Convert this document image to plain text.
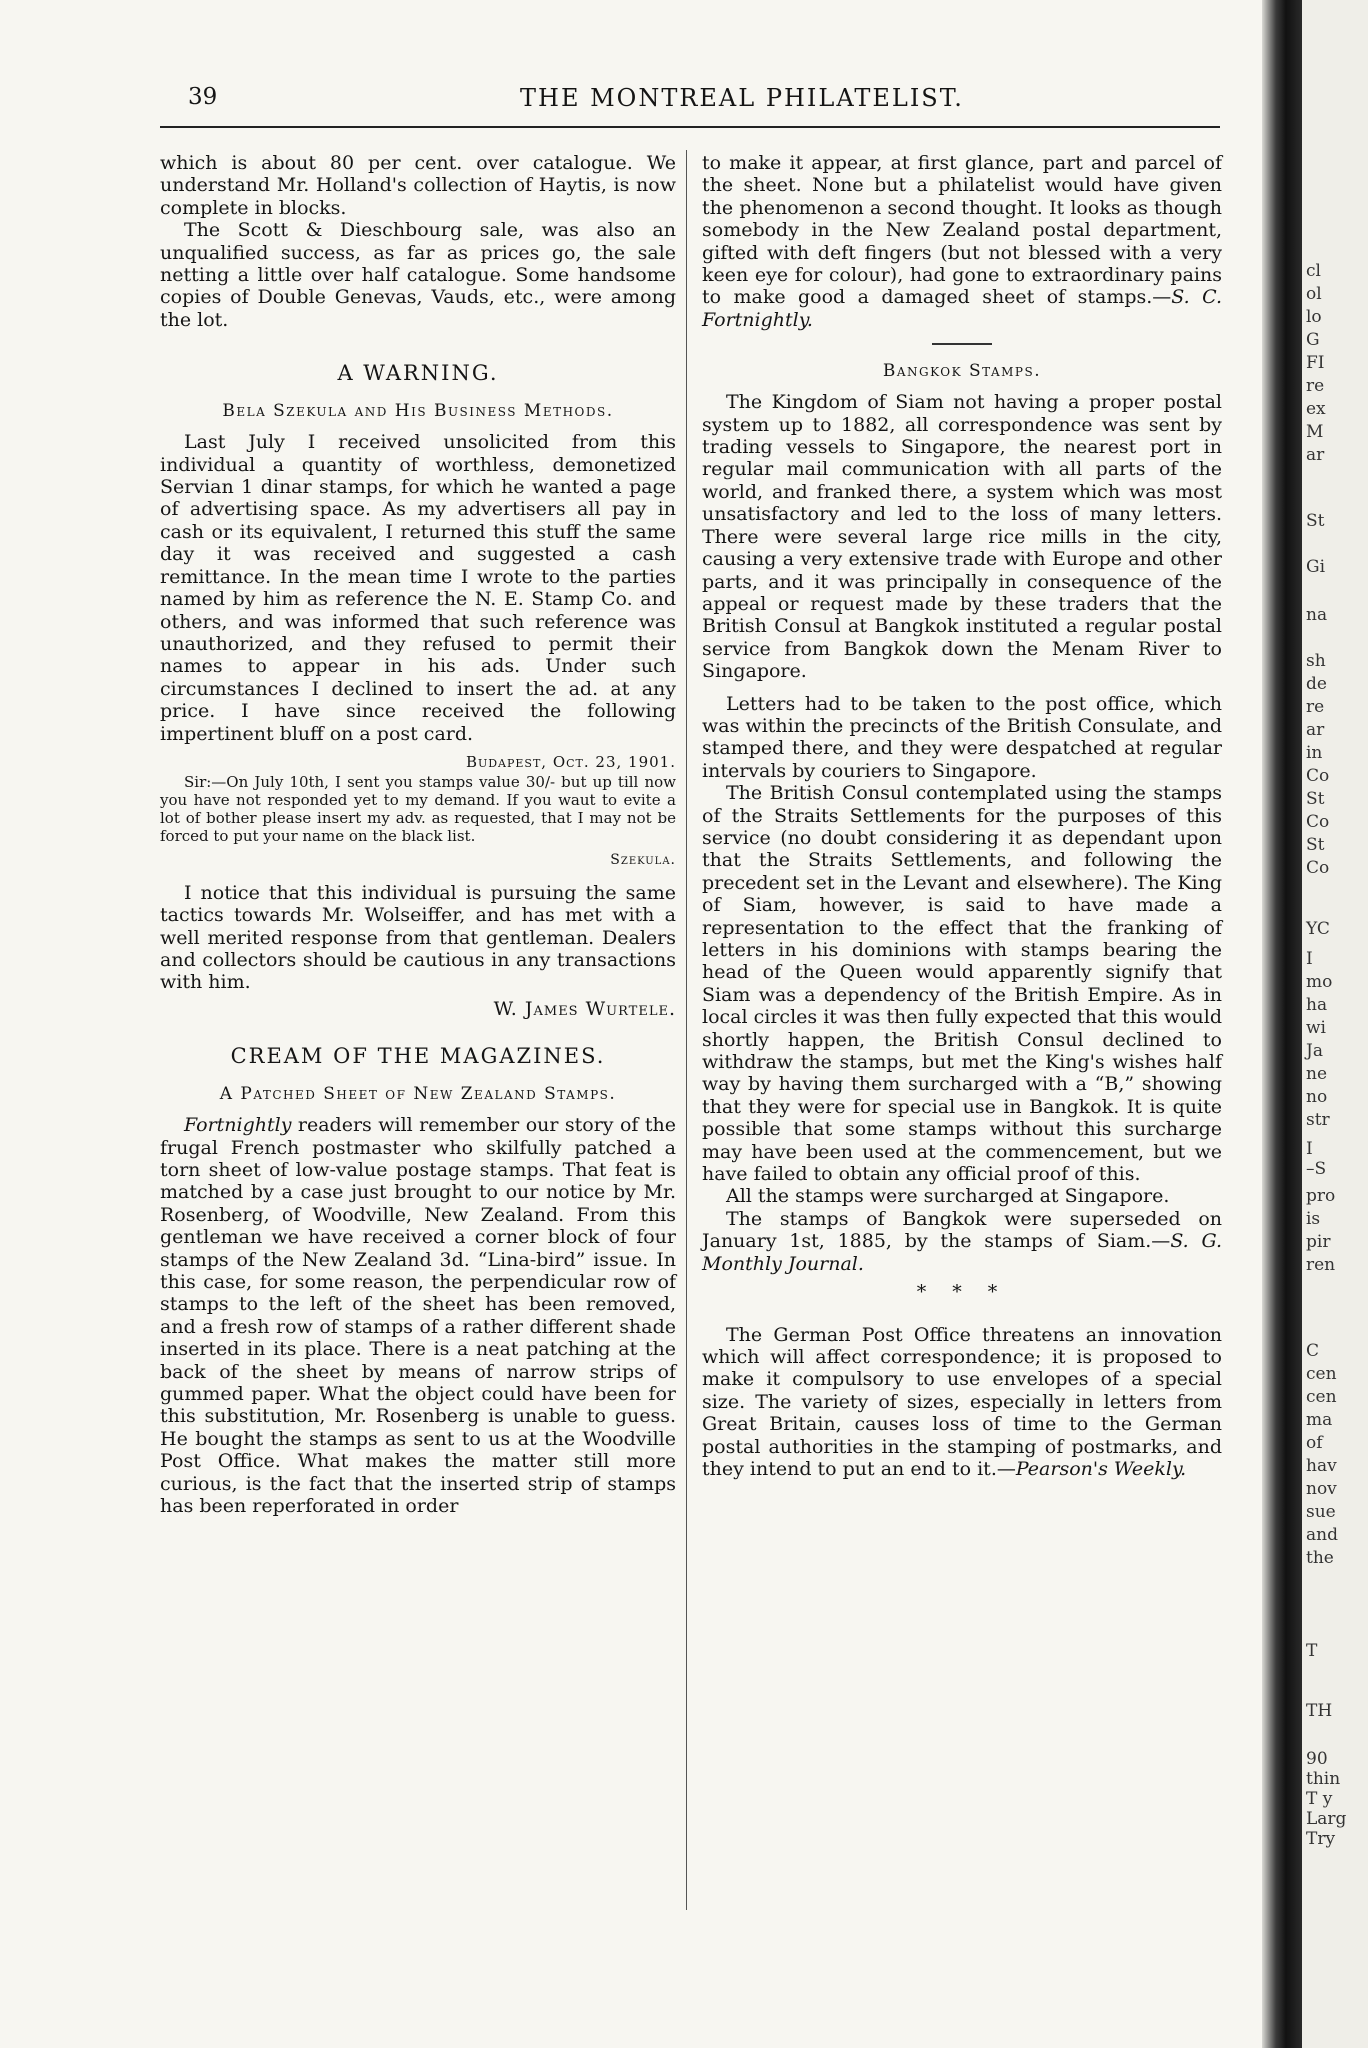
39	THE MONTREAL PHILATELIST.

which is about 80 per cent. over catalogue. We understand Mr. Holland's collection of Haytis, is now complete in blocks.

The Scott & Dieschbourg sale, was also an unqualified success, as far as prices go, the sale netting a little over half catalogue. Some handsome copies of Double Genevas, Vauds, etc., were among the lot.

A WARNING.
Bela Szekula and His Business Methods.

Last July I received unsolicited from this individual a quantity of worthless, demonetized Servian 1 dinar stamps, for which he wanted a page of advertising space. As my advertisers all pay in cash or its equivalent, I returned this stuff the same day it was received and suggested a cash remittance. In the mean time I wrote to the parties named by him as reference the N. E. Stamp Co. and others, and was informed that such reference was unauthorized, and they refused to permit their names to appear in his ads. Under such circumstances I declined to insert the ad. at any price. I have since received the following impertinent bluff on a post card.

Budapest, Oct. 23, 1901.

Sir:—On July 10th, I sent you stamps value 30/- but up till now you have not responded yet to my demand. If you waut to evite a lot of bother please insert my adv. as requested, that I may not be forced to put your name on the black list.

Szekula.

I notice that this individual is pursuing the same tactics towards Mr. Wolseiffer, and has met with a well merited response from that gentleman. Dealers and collectors should be cautious in any transactions with him.

W. James Wurtele.

CREAM OF THE MAGAZINES.
A Patched Sheet of New Zealand Stamps.

Fortnightly readers will remember our story of the frugal French postmaster who skilfully patched a torn sheet of low-value postage stamps. That feat is matched by a case just brought to our notice by Mr. Rosenberg, of Woodville, New Zealand. From this gentleman we have received a corner block of four stamps of the New Zealand 3d. “Lina-bird” issue. In this case, for some reason, the perpendicular row of stamps to the left of the sheet has been removed, and a fresh row of stamps of a rather different shade inserted in its place. There is a neat patching at the back of the sheet by means of narrow strips of gummed paper. What the object could have been for this substitution, Mr. Rosenberg is unable to guess. He bought the stamps as sent to us at the Woodville Post Office. What makes the matter still more curious, is the fact that the inserted strip of stamps has been reperforated in order

to make it appear, at first glance, part and parcel of the sheet. None but a philatelist would have given the phenomenon a second thought. It looks as though somebody in the New Zealand postal department, gifted with deft fingers (but not blessed with a very keen eye for colour), had gone to extraordinary pains to make good a damaged sheet of stamps.—S. C. Fortnightly.

Bangkok Stamps.

The Kingdom of Siam not having a proper postal system up to 1882, all correspondence was sent by trading vessels to Singapore, the nearest port in regular mail communication with all parts of the world, and franked there, a system which was most unsatisfactory and led to the loss of many letters. There were several large rice mills in the city, causing a very extensive trade with Europe and other parts, and it was principally in consequence of the appeal or request made by these traders that the British Consul at Bangkok instituted a regular postal service from Bangkok down the Menam River to Singapore.

Letters had to be taken to the post office, which was within the precincts of the British Consulate, and stamped there, and they were despatched at regular intervals by couriers to Singapore.

The British Consul contemplated using the stamps of the Straits Settlements for the purposes of this service (no doubt considering it as dependant upon that the Straits Settlements, and following the precedent set in the Levant and elsewhere). The King of Siam, however, is said to have made a representation to the effect that the franking of letters in his dominions with stamps bearing the head of the Queen would apparently signify that Siam was a dependency of the British Empire. As in local circles it was then fully expected that this would shortly happen, the British Consul declined to withdraw the stamps, but met the King's wishes half way by having them surcharged with a “B,” showing that they were for special use in Bangkok. It is quite possible that some stamps without this surcharge may have been used at the commencement, but we have failed to obtain any official proof of this.

All the stamps were surcharged at Singapore.

The stamps of Bangkok were superseded on January 1st, 1885, by the stamps of Siam.—S. G. Monthly Journal.

* * *

The German Post Office threatens an innovation which will affect correspondence; it is proposed to make it compulsory to use envelopes of a special size. The variety of sizes, especially in letters from Great Britain, causes loss of time to the German postal authorities in the stamping of postmarks, and they intend to put an end to it.—Pearson's Weekly.

cl
ol
lo
G
FI
re
ex
M
ar
St
Gi
na
sh
de
re
ar
in
Co
St
Co
St
Co
YC
I
mo
ha
wi
Ja
ne
no
str
I
–S
pro
is
pir
ren
C
cen
cen
ma
of
hav
nov
sue
and
the
T
TH
90
thin
T y
Larg
Try
